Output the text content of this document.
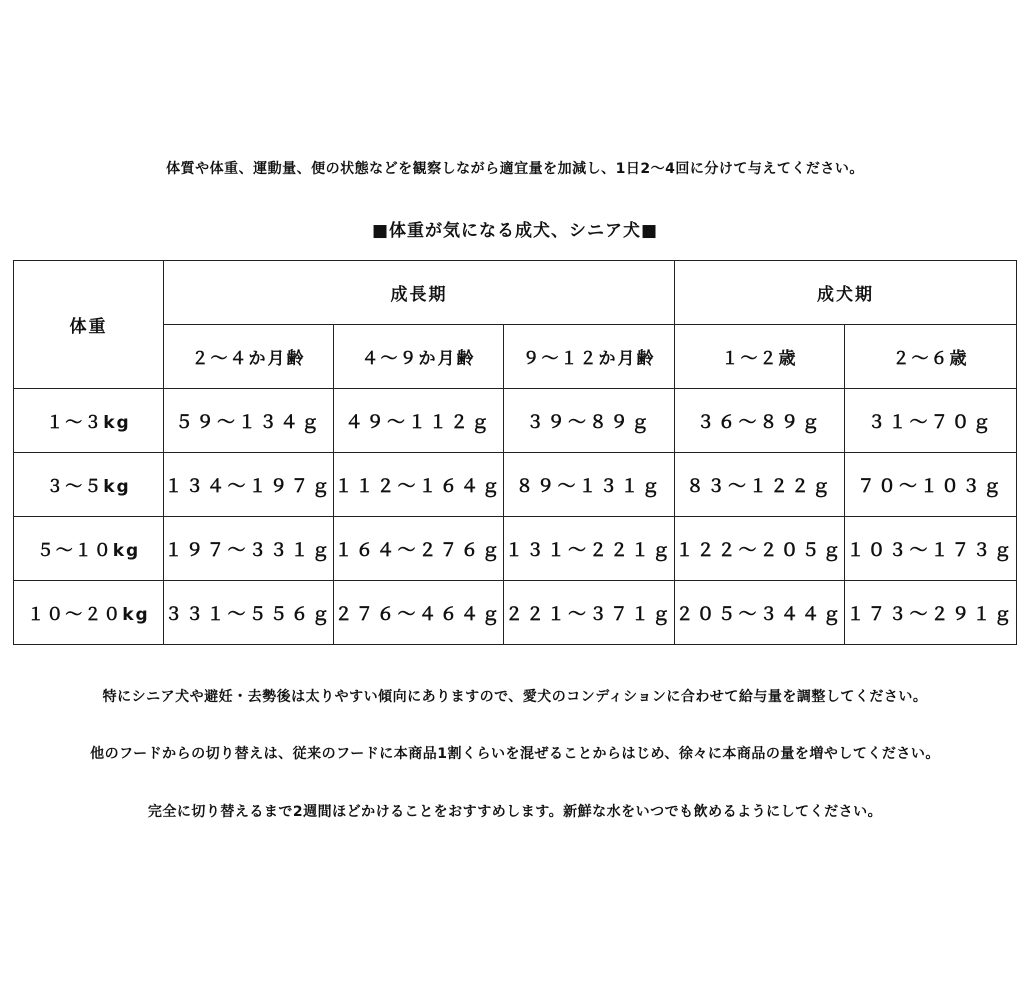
体質や体重、運動量、便の状態などを観察しながら適宜量を加減し、1日2～4回に分けて与えてください。
■体重が気になる成犬、シニア犬■
体重	成長期			成犬期	
	２～４か月齢	４～９か月齢	９～１２か月齢	１～２歳	２～６歳
１～３kg	５９～１３４ｇ	４９～１１２ｇ	３９～８９ｇ	３６～８９ｇ	３１～７０ｇ
３～５kg	１３４～１９７ｇ	１１２～１６４ｇ	８９～１３１ｇ	８３～１２２ｇ	７０～１０３ｇ
５～１０kg	１９７～３３１ｇ	１６４～２７６ｇ	１３１～２２１ｇ	１２２～２０５ｇ	１０３～１７３ｇ
１０～２０kg	３３１～５５６ｇ	２７６～４６４ｇ	２２１～３７１ｇ	２０５～３４４ｇ	１７３～２９１ｇ
特にシニア犬や避妊・去勢後は太りやすい傾向にありますので、愛犬のコンディションに合わせて給与量を調整してください。
他のフードからの切り替えは、従来のフードに本商品1割くらいを混ぜることからはじめ、徐々に本商品の量を増やしてください。
完全に切り替えるまで2週間ほどかけることをおすすめします。新鮮な水をいつでも飲めるようにしてください。
